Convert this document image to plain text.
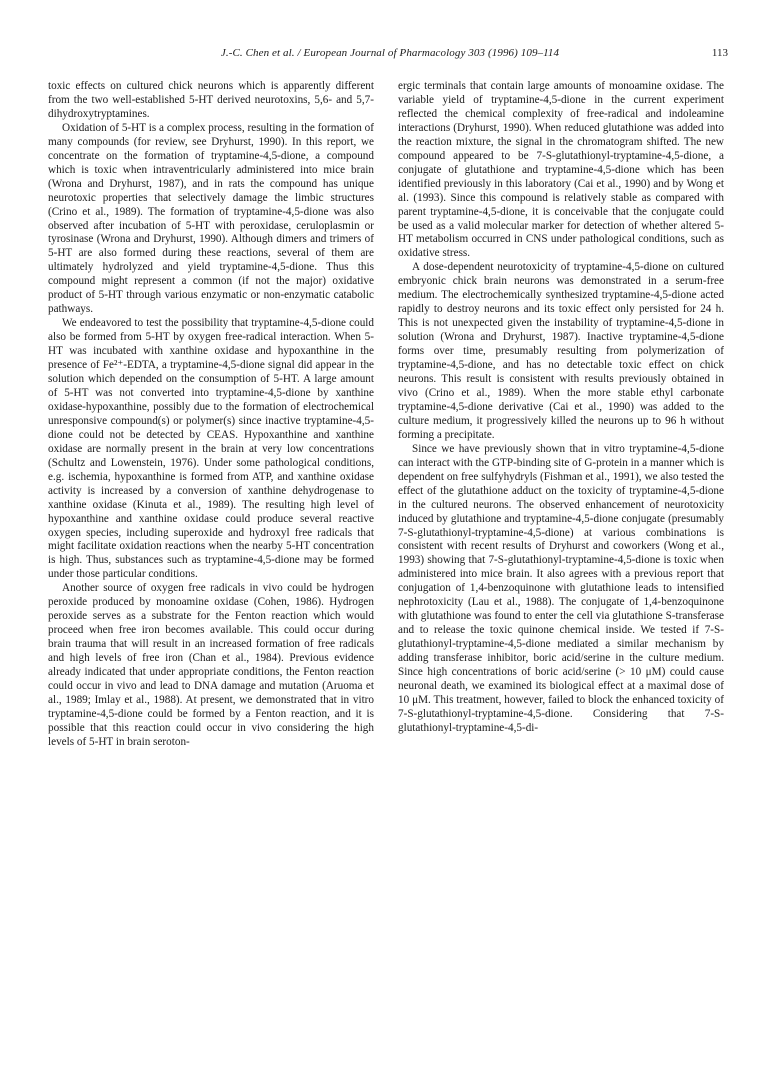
J.-C. Chen et al. / European Journal of Pharmacology 303 (1996) 109–114	113

toxic effects on cultured chick neurons which is apparently different from the two well-established 5-HT derived neurotoxins, 5,6- and 5,7-dihydroxytryptamines.

Oxidation of 5-HT is a complex process, resulting in the formation of many compounds (for review, see Dryhurst, 1990). In this report, we concentrate on the formation of tryptamine-4,5-dione, a compound which is toxic when intraventricularly administered into mice brain (Wrona and Dryhurst, 1987), and in rats the compound has unique neurotoxic properties that selectively damage the limbic structures (Crino et al., 1989). The formation of tryptamine-4,5-dione was also observed after incubation of 5-HT with peroxidase, ceruloplasmin or tyrosinase (Wrona and Dryhurst, 1990). Although dimers and trimers of 5-HT are also formed during these reactions, several of them are ultimately hydrolyzed and yield tryptamine-4,5-dione. Thus this compound might represent a common (if not the major) oxidative product of 5-HT through various enzymatic or non-enzymatic catabolic pathways.

We endeavored to test the possibility that tryptamine-4,5-dione could also be formed from 5-HT by oxygen free-radical interaction. When 5-HT was incubated with xanthine oxidase and hypoxanthine in the presence of Fe²⁺-EDTA, a tryptamine-4,5-dione signal did appear in the solution which depended on the consumption of 5-HT. A large amount of 5-HT was not converted into tryptamine-4,5-dione by xanthine oxidase-hypoxanthine, possibly due to the formation of electrochemical unresponsive compound(s) or polymer(s) since inactive tryptamine-4,5-dione could not be detected by CEAS. Hypoxanthine and xanthine oxidase are normally present in the brain at very low concentrations (Schultz and Lowenstein, 1976). Under some pathological conditions, e.g. ischemia, hypoxanthine is formed from ATP, and xanthine oxidase activity is increased by a conversion of xanthine dehydrogenase to xanthine oxidase (Kinuta et al., 1989). The resulting high level of hypoxanthine and xanthine oxidase could produce several reactive oxygen species, including superoxide and hydroxyl free radicals that might facilitate oxidation reactions when the nearby 5-HT concentration is high. Thus, substances such as tryptamine-4,5-dione may be formed under those particular conditions.

Another source of oxygen free radicals in vivo could be hydrogen peroxide produced by monoamine oxidase (Cohen, 1986). Hydrogen peroxide serves as a substrate for the Fenton reaction which would proceed when free iron becomes available. This could occur during brain trauma that will result in an increased formation of free radicals and high levels of free iron (Chan et al., 1984). Previous evidence already indicated that under appropriate conditions, the Fenton reaction could occur in vivo and lead to DNA damage and mutation (Aruoma et al., 1989; Imlay et al., 1988). At present, we demonstrated that in vitro tryptamine-4,5-dione could be formed by a Fenton reaction, and it is possible that this reaction could occur in vivo considering the high levels of 5-HT in brain seroton-

ergic terminals that contain large amounts of monoamine oxidase. The variable yield of tryptamine-4,5-dione in the current experiment reflected the chemical complexity of free-radical and indoleamine interactions (Dryhurst, 1990). When reduced glutathione was added into the reaction mixture, the signal in the chromatogram shifted. The new compound appeared to be 7-S-glutathionyl-tryptamine-4,5-dione, a conjugate of glutathione and tryptamine-4,5-dione which has been identified previously in this laboratory (Cai et al., 1990) and by Wong et al. (1993). Since this compound is relatively stable as compared with parent tryptamine-4,5-dione, it is conceivable that the conjugate could be used as a valid molecular marker for detection of whether altered 5-HT metabolism occurred in CNS under pathological conditions, such as oxidative stress.

A dose-dependent neurotoxicity of tryptamine-4,5-dione on cultured embryonic chick brain neurons was demonstrated in a serum-free medium. The electrochemically synthesized tryptamine-4,5-dione acted rapidly to destroy neurons and its toxic effect only persisted for 24 h. This is not unexpected given the instability of tryptamine-4,5-dione in solution (Wrona and Dryhurst, 1987). Inactive tryptamine-4,5-dione forms over time, presumably resulting from polymerization of tryptamine-4,5-dione, and has no detectable toxic effect on chick neurons. This result is consistent with results previously obtained in vivo (Crino et al., 1989). When the more stable ethyl carbonate tryptamine-4,5-dione derivative (Cai et al., 1990) was added to the culture medium, it progressively killed the neurons up to 96 h without forming a precipitate.

Since we have previously shown that in vitro tryptamine-4,5-dione can interact with the GTP-binding site of G-protein in a manner which is dependent on free sulfyhydryls (Fishman et al., 1991), we also tested the effect of the glutathione adduct on the toxicity of tryptamine-4,5-dione in the cultured neurons. The observed enhancement of neurotoxicity induced by glutathione and tryptamine-4,5-dione conjugate (presumably 7-S-glutathionyl-tryptamine-4,5-dione) at various combinations is consistent with recent results of Dryhurst and coworkers (Wong et al., 1993) showing that 7-S-glutathionyl-tryptamine-4,5-dione is toxic when administered into mice brain. It also agrees with a previous report that conjugation of 1,4-benzoquinone with glutathione leads to intensified nephrotoxicity (Lau et al., 1988). The conjugate of 1,4-benzoquinone with glutathione was found to enter the cell via glutathione S-transferase and to release the toxic quinone chemical inside. We tested if 7-S-glutathionyl-tryptamine-4,5-dione mediated a similar mechanism by adding transferase inhibitor, boric acid/serine in the culture medium. Since high concentrations of boric acid/serine (> 10 μM) could cause neuronal death, we examined its biological effect at a maximal dose of 10 μM. This treatment, however, failed to block the enhanced toxicity of 7-S-glutathionyl-tryptamine-4,5-dione. Considering that 7-S-glutathionyl-tryptamine-4,5-di-
